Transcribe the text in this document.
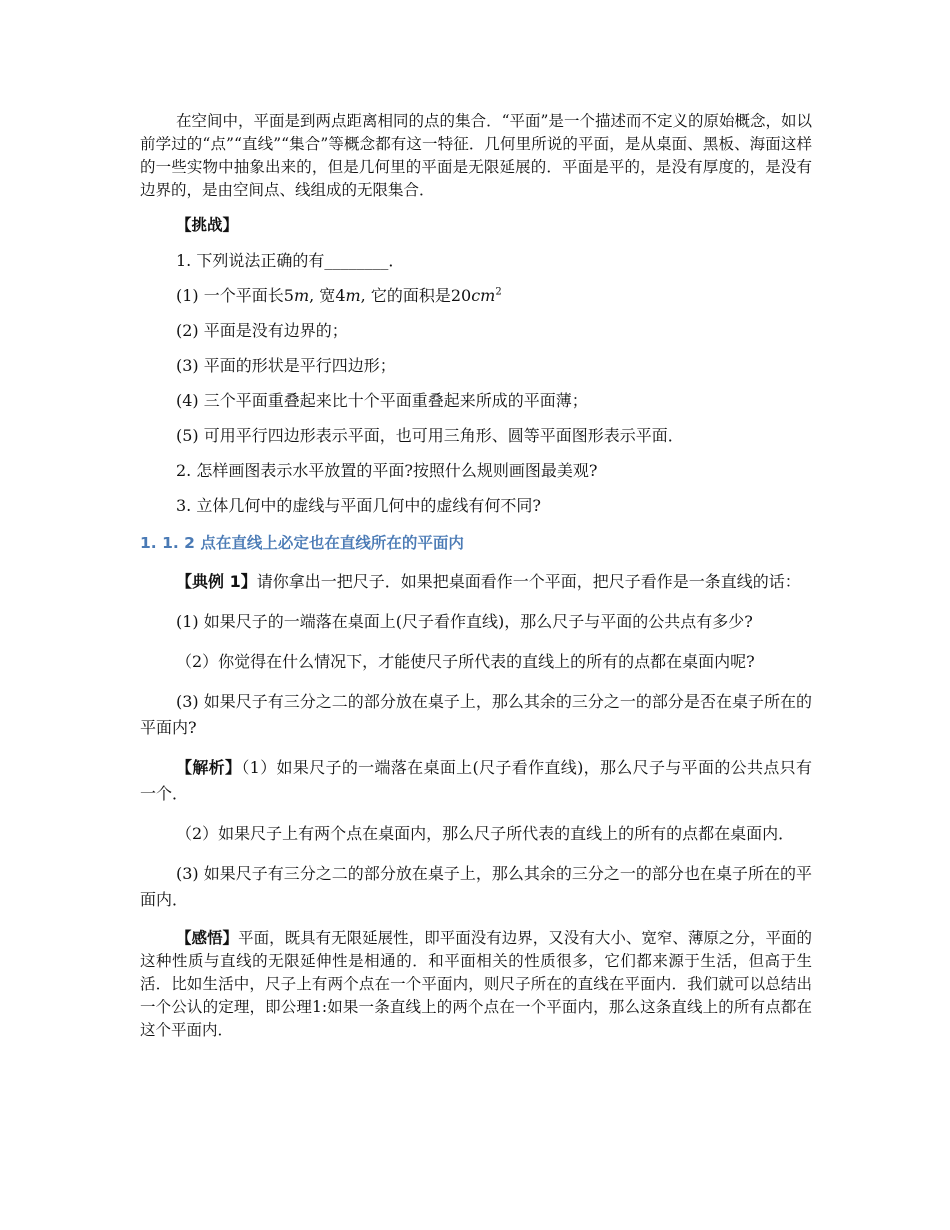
在空间中，平面是到两点距离相同的点的集合．“平面”是一个描述而不定义的原始概念，如以前学过的“点”“直线”“集合”等概念都有这一特征．几何里所说的平面，是从桌面、黑板、海面这样的一些实物中抽象出来的，但是几何里的平面是无限延展的．平面是平的，是没有厚度的，是没有边界的，是由空间点、线组成的无限集合．

【挑战】

1. 下列说法正确的有________．

(1) 一个平面长5m, 宽4m, 它的面积是$20cm^2$

(2) 平面是没有边界的；

(3) 平面的形状是平行四边形；

(4) 三个平面重叠起来比十个平面重叠起来所成的平面薄；

(5) 可用平行四边形表示平面，也可用三角形、圆等平面图形表示平面．

2. 怎样画图表示水平放置的平面?按照什么规则画图最美观?

3. 立体几何中的虚线与平面几何中的虚线有何不同?

1. 1. 2 点在直线上必定也在直线所在的平面内

【典例 1】请你拿出一把尺子．如果把桌面看作一个平面，把尺子看作是一条直线的话：

(1) 如果尺子的一端落在桌面上(尺子看作直线)，那么尺子与平面的公共点有多少?

（2）你觉得在什么情况下，才能使尺子所代表的直线上的所有的点都在桌面内呢?

(3) 如果尺子有三分之二的部分放在桌子上，那么其余的三分之一的部分是否在桌子所在的平面内?

【解析】（1）如果尺子的一端落在桌面上(尺子看作直线)，那么尺子与平面的公共点只有一个．

（2）如果尺子上有两个点在桌面内，那么尺子所代表的直线上的所有的点都在桌面内．

(3) 如果尺子有三分之二的部分放在桌子上，那么其余的三分之一的部分也在桌子所在的平面内．

【感悟】平面，既具有无限延展性，即平面没有边界，又没有大小、宽窄、薄原之分，平面的这种性质与直线的无限延伸性是相通的．和平面相关的性质很多，它们都来源于生活，但高于生活．比如生活中，尺子上有两个点在一个平面内，则尺子所在的直线在平面内．我们就可以总结出一个公认的定理，即公理1:如果一条直线上的两个点在一个平面内，那么这条直线上的所有点都在这个平面内．
